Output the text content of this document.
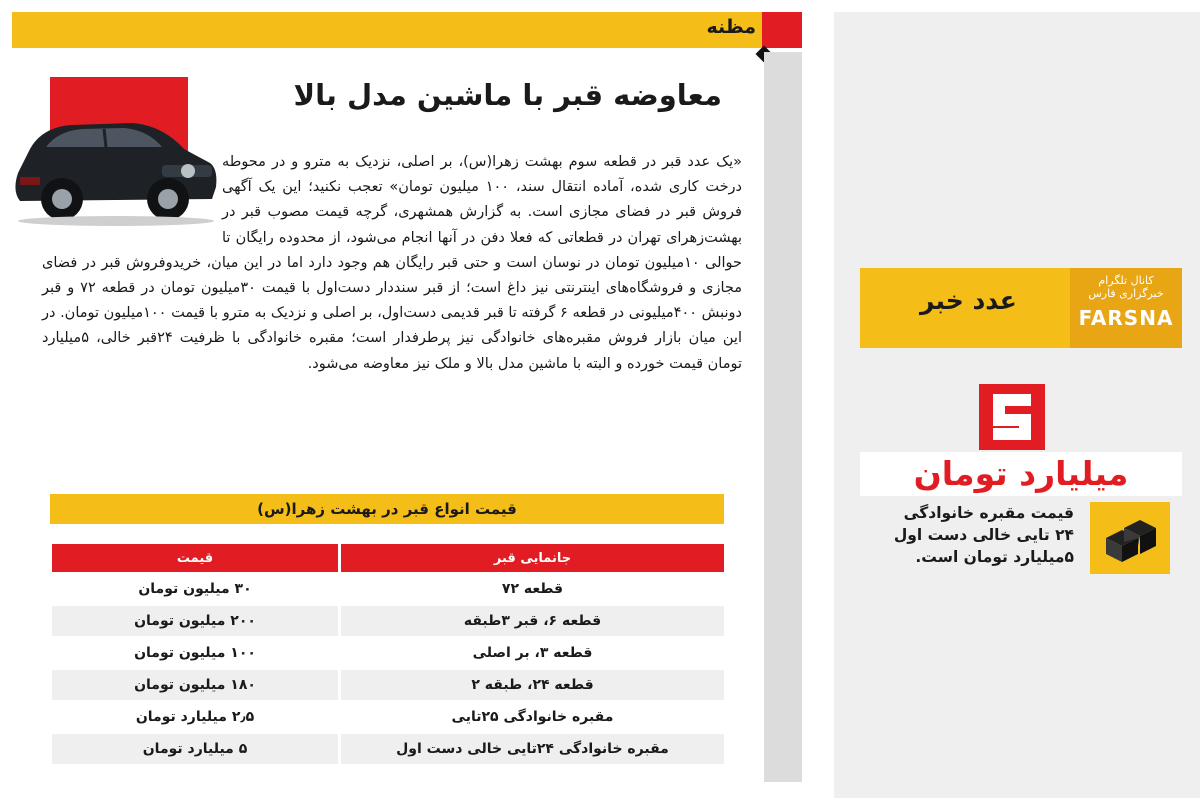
مظنه
معاوضه قبر با ماشین مدل بالا
«یک عدد قبر در قطعه سوم بهشت زهرا(س)، بر اصلی، نزدیک به مترو و در محوطه درخت کاری شده، آماده انتقال سند، ۱۰۰ میلیون تومان» تعجب نکنید؛ این یک آگهی فروش قبر در فضای مجازی است. به گزارش همشهری، گرچه قیمت مصوب قبر در بهشت‌زهرای تهران در قطعاتی که فعلا دفن در آنها انجام می‌شود، از محدوده رایگان تا حوالی ۱۰میلیون تومان در نوسان است و حتی قبر رایگان هم وجود دارد اما در این میان، خریدوفروش قبر در فضای مجازی و فروشگاه‌های اینترنتی نیز داغ است؛ از قبر سنددار دست‌اول با قیمت ۳۰میلیون تومان در قطعه ۷۲ و قبر دونبش ۴۰۰میلیونی در قطعه ۶ گرفته تا قبر قدیمی دست‌اول، بر اصلی و نزدیک به مترو با قیمت ۱۰۰میلیون تومان. در این میان بازار فروش مقبره‌های خانوادگی نیز پرطرفدار است؛ مقبره خانوادگی با ظرفیت ۲۴قبر خالی، ۵میلیارد تومان قیمت خورده و البته با ماشین مدل بالا و ملک نیز معاوضه می‌شود.
قیمت انواع قبر در بهشت زهرا(س)
جانمایی قبر	قیمت
قطعه ۷۲	۳۰ میلیون تومان
قطعه ۶، قبر ۳طبقه	۲۰۰ میلیون تومان
قطعه ۳، بر اصلی	۱۰۰ میلیون تومان
قطعه ۲۴، طبقه ۲	۱۸۰ میلیون تومان
مقبره خانوادگی ۲۵تایی	۲٫۵ میلیارد تومان
مقبره خانوادگی ۲۴تایی خالی دست اول	۵ میلیارد تومان
عدد خبر
کانال تلگرام
خبرگزاری فارس
FARSNA
میلیارد تومان
قیمت مقبره خانوادگی ۲۴ تایی خالی دست اول ۵میلیارد تومان است.
